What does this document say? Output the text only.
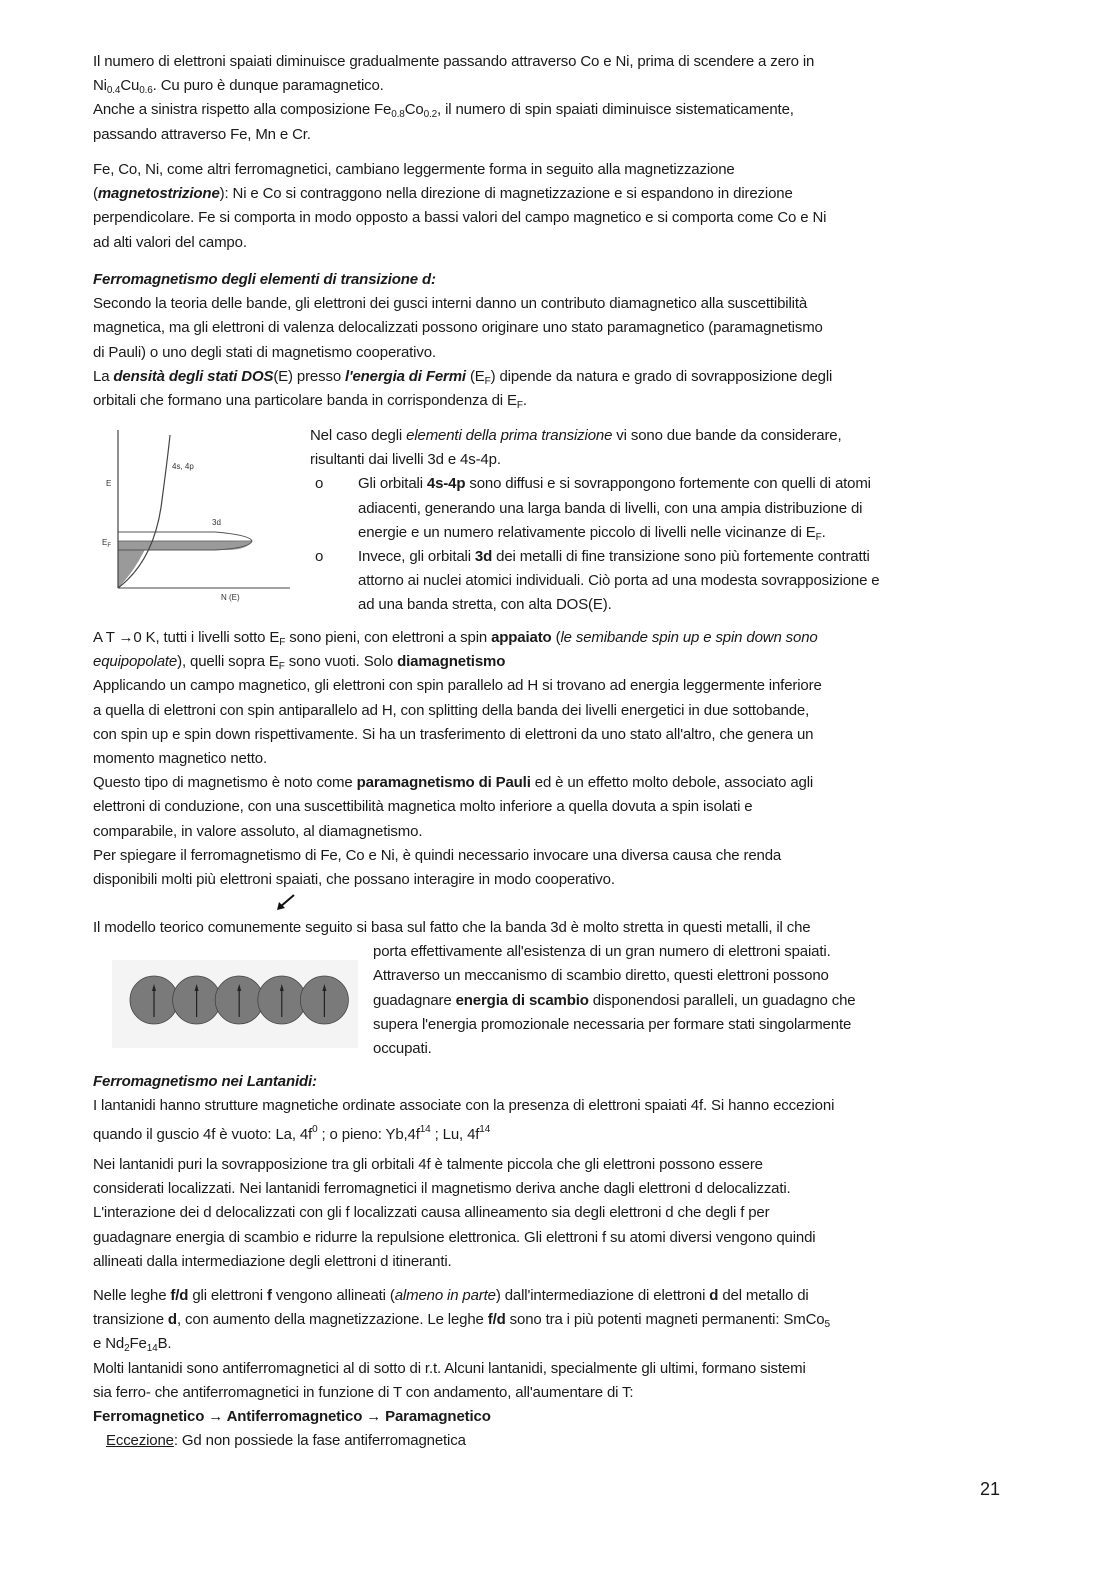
Il numero di elettroni spaiati diminuisce gradualmente passando attraverso Co e Ni, prima di scendere a zero in
$Ni_{0.4}Cu_{0.6}$. Cu puro è dunque paramagnetico.
Anche a sinistra rispetto alla composizione $Fe_{0.8}Co_{0.2}$, il numero di spin spaiati diminuisce sistematicamente,
passando attraverso Fe, Mn e Cr.
Fe, Co, Ni, come altri ferromagnetici, cambiano leggermente forma in seguito alla magnetizzazione
(magnetostrizione): Ni e Co si contraggono nella direzione di magnetizzazione e si espandono in direzione
perpendicolare. Fe si comporta in modo opposto a bassi valori del campo magnetico e si comporta come Co e Ni
ad alti valori del campo.
Ferromagnetismo degli elementi di transizione d:
Secondo la teoria delle bande, gli elettroni dei gusci interni danno un contributo diamagnetico alla suscettibilità
magnetica, ma gli elettroni di valenza delocalizzati possono originare uno stato paramagnetico (paramagnetismo
di Pauli) o uno degli stati di magnetismo cooperativo.
La densità degli stati DOS(E) presso l'energia di Fermi $(E_F)$ dipende da natura e grado di sovrapposizione degli
orbitali che formano una particolare banda in corrispondenza di $E_F$.
E
$E_F$
4s, 4p
3d
N (E)
Nel caso degli elementi della prima transizione vi sono due bande da considerare,
risultanti dai livelli 3d e 4s-4p.
o Gli orbitali 4s-4p sono diffusi e si sovrappongono fortemente con quelli di atomi
adiacenti, generando una larga banda di livelli, con una ampia distribuzione di
energie e un numero relativamente piccolo di livelli nelle vicinanze di $E_F$.
o Invece, gli orbitali 3d dei metalli di fine transizione sono più fortemente contratti
attorno ai nuclei atomici individuali. Ciò porta ad una modesta sovrapposizione e
ad una banda stretta, con alta DOS(E).
A T →0 K, tutti i livelli sotto $E_F$ sono pieni, con elettroni a spin appaiato (le semibande spin up e spin down sono
equipopolate), quelli sopra $E_F$ sono vuoti. Solo diamagnetismo
Applicando un campo magnetico, gli elettroni con spin parallelo ad H si trovano ad energia leggermente inferiore
a quella di elettroni con spin antiparallelo ad H, con splitting della banda dei livelli energetici in due sottobande,
con spin up e spin down rispettivamente. Si ha un trasferimento di elettroni da uno stato all'altro, che genera un
momento magnetico netto.
Questo tipo di magnetismo è noto come paramagnetismo di Pauli ed è un effetto molto debole, associato agli
elettroni di conduzione, con una suscettibilità magnetica molto inferiore a quella dovuta a spin isolati e
comparabile, in valore assoluto, al diamagnetismo.
Per spiegare il ferromagnetismo di Fe, Co e Ni, è quindi necessario invocare una diversa causa che renda
disponibili molti più elettroni spaiati, che possano interagire in modo cooperativo.
Il modello teorico comunemente seguito si basa sul fatto che la banda 3d è molto stretta in questi metalli, il che
porta effettivamente all'esistenza di un gran numero di elettroni spaiati.
Attraverso un meccanismo di scambio diretto, questi elettroni possono
guadagnare energia di scambio disponendosi paralleli, un guadagno che
supera l'energia promozionale necessaria per formare stati singolarmente
occupati.
Ferromagnetismo nei Lantanidi:
I lantanidi hanno strutture magnetiche ordinate associate con la presenza di elettroni spaiati 4f. Si hanno eccezioni
quando il guscio 4f è vuoto: La, $4f^0$ ; o pieno: $Yb,4f^{14}$ ; Lu, $4f^{14}$
Nei lantanidi puri la sovrapposizione tra gli orbitali 4f è talmente piccola che gli elettroni possono essere
considerati localizzati. Nei lantanidi ferromagnetici il magnetismo deriva anche dagli elettroni d delocalizzati.
L'interazione dei d delocalizzati con gli f localizzati causa allineamento sia degli elettroni d che degli f per
guadagnare energia di scambio e ridurre la repulsione elettronica. Gli elettroni f su atomi diversi vengono quindi
allineati dalla intermediazione degli elettroni d itineranti.
Nelle leghe f/d gli elettroni f vengono allineati (almeno in parte) dall'intermediazione di elettroni d del metallo di
transizione d, con aumento della magnetizzazione. Le leghe f/d sono tra i più potenti magneti permanenti: SmCo$_5$
e $Nd_2Fe_{14}B$.
Molti lantanidi sono antiferromagnetici al di sotto di r.t. Alcuni lantanidi, specialmente gli ultimi, formano sistemi
sia ferro- che antiferromagnetici in funzione di T con andamento, all'aumentare di T:
Ferromagnetico → Antiferromagnetico → Paramagnetico
Eccezione: Gd non possiede la fase antiferromagnetica
21
